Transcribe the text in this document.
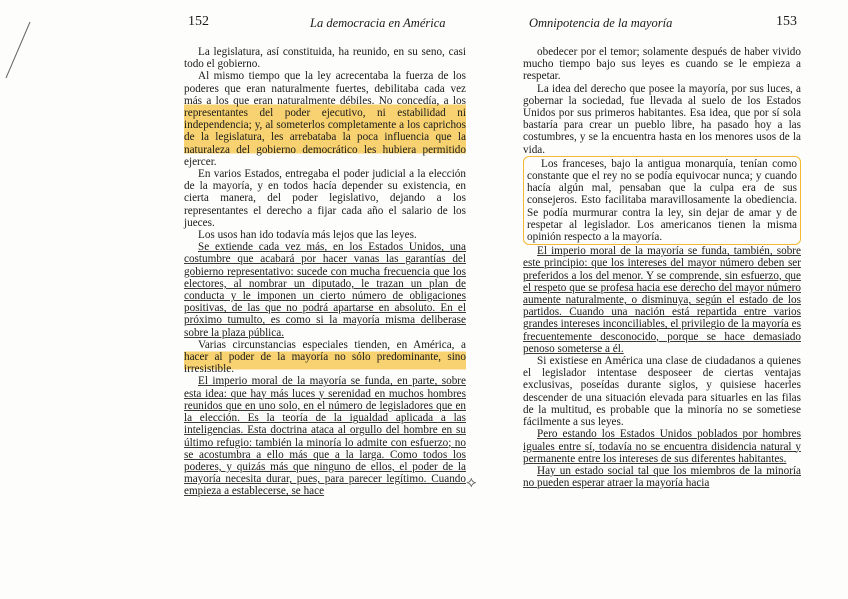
152	La democracia en América

La legislatura, así constituida, ha reunido, en su seno, casi todo el gobierno.

Al mismo tiempo que la ley acrecentaba la fuerza de los poderes que eran naturalmente fuertes, debilitaba cada vez más a los que eran naturalmente débiles. No concedía, a los representantes del poder ejecutivo, ni estabilidad ni independencia; y, al someterlos completamente a los caprichos de la legislatura, les arrebataba la poca influencia que la naturaleza del gobierno democrático les hubiera permitido ejercer.

En varios Estados, entregaba el poder judicial a la elección de la mayoría, y en todos hacía depender su existencia, en cierta manera, del poder legislativo, dejando a los representantes el derecho a fijar cada año el salario de los jueces.

Los usos han ido todavía más lejos que las leyes.

Se extiende cada vez más, en los Estados Unidos, una costumbre que acabará por hacer vanas las garantías del gobierno representativo: sucede con mucha frecuencia que los electores, al nombrar un diputado, le trazan un plan de conducta y le imponen un cierto número de obligaciones positivas, de las que no podrá apartarse en absoluto. En el próximo tumulto, es como si la mayoría misma deliberase sobre la plaza pública.

Varias circunstancias especiales tienden, en América, a hacer al poder de la mayoría no sólo predominante, sino irresistible.

El imperio moral de la mayoría se funda, en parte, sobre esta idea: que hay más luces y serenidad en muchos hombres reunidos que en uno solo, en el número de legisladores que en la elección. Es la teoría de la igualdad aplicada a las inteligencias. Esta doctrina ataca al orgullo del hombre en su último refugio: también la minoría lo admite con esfuerzo; no se acostumbra a ello más que a la larga. Como todos los poderes, y quizás más que ninguno de ellos, el poder de la mayoría necesita durar, pues, para parecer legítimo. Cuando empieza a establecerse, se hace

⟡
Omnipotencia de la mayoría	153

obedecer por el temor; solamente después de haber vivido mucho tiempo bajo sus leyes es cuando se le empieza a respetar.

La idea del derecho que posee la mayoría, por sus luces, a gobernar la sociedad, fue llevada al suelo de los Estados Unidos por sus primeros habitantes. Esa idea, que por sí sola bastaría para crear un pueblo libre, ha pasado hoy a las costumbres, y se la encuentra hasta en los menores usos de la vida.

Los franceses, bajo la antigua monarquía, tenían como constante que el rey no se podía equivocar nunca; y cuando hacía algún mal, pensaban que la culpa era de sus consejeros. Esto facilitaba maravillosamente la obediencia. Se podía murmurar contra la ley, sin dejar de amar y de respetar al legislador. Los americanos tienen la misma opinión respecto a la mayoría.

El imperio moral de la mayoría se funda, también, sobre este principio: que los intereses del mayor número deben ser preferidos a los del menor. Y se comprende, sin esfuerzo, que el respeto que se profesa hacia ese derecho del mayor número aumente naturalmente, o disminuya, según el estado de los partidos. Cuando una nación está repartida entre varios grandes intereses inconciliables, el privilegio de la mayoría es frecuentemente desconocido, porque se hace demasiado penoso someterse a él.

Si existiese en América una clase de ciudadanos a quienes el legislador intentase desposeer de ciertas ventajas exclusivas, poseídas durante siglos, y quisiese hacerles descender de una situación elevada para situarles en las filas de la multitud, es probable que la minoría no se sometiese fácilmente a sus leyes.

Pero estando los Estados Unidos poblados por hombres iguales entre sí, todavía no se encuentra disidencia natural y permanente entre los intereses de sus diferentes habitantes.

Hay un estado social tal que los miembros de la minoría no pueden esperar atraer la mayoría hacia
